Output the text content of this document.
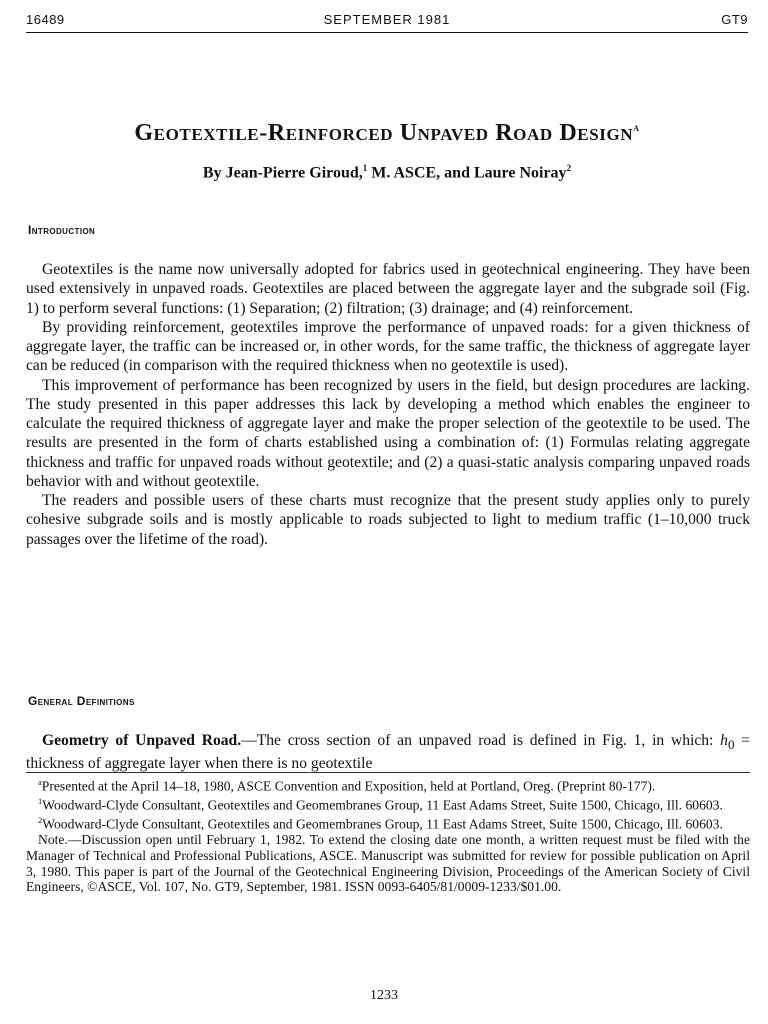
16489	SEPTEMBER 1981	GT9
Geotextile-Reinforced Unpaved Road Design$^a$
By Jean-Pierre Giroud,$^1$ M. ASCE, and Laure Noiray$^2$
Introduction

Geotextiles is the name now universally adopted for fabrics used in geotechnical engineering. They have been used extensively in unpaved roads. Geotextiles are placed between the aggregate layer and the subgrade soil (Fig. 1) to perform several functions: (1) Separation; (2) filtration; (3) drainage; and (4) reinforcement.

By providing reinforcement, geotextiles improve the performance of unpaved roads: for a given thickness of aggregate layer, the traffic can be increased or, in other words, for the same traffic, the thickness of aggregate layer can be reduced (in comparison with the required thickness when no geotextile is used).

This improvement of performance has been recognized by users in the field, but design procedures are lacking. The study presented in this paper addresses this lack by developing a method which enables the engineer to calculate the required thickness of aggregate layer and make the proper selection of the geotextile to be used. The results are presented in the form of charts established using a combination of: (1) Formulas relating aggregate thickness and traffic for unpaved roads without geotextile; and (2) a quasi-static analysis comparing unpaved roads behavior with and without geotextile.

The readers and possible users of these charts must recognize that the present study applies only to purely cohesive subgrade soils and is mostly applicable to roads subjected to light to medium traffic (1–10,000 truck passages over the lifetime of the road).

General Definitions

Geometry of Unpaved Road.—The cross section of an unpaved road is defined in Fig. 1, in which: $h_0$ = thickness of aggregate layer when there is no geotextile

$^a$Presented at the April 14–18, 1980, ASCE Convention and Exposition, held at Portland, Oreg. (Preprint 80-177).

$^1$Woodward-Clyde Consultant, Geotextiles and Geomembranes Group, 11 East Adams Street, Suite 1500, Chicago, Ill. 60603.

$^2$Woodward-Clyde Consultant, Geotextiles and Geomembranes Group, 11 East Adams Street, Suite 1500, Chicago, Ill. 60603.

Note.—Discussion open until February 1, 1982. To extend the closing date one month, a written request must be filed with the Manager of Technical and Professional Publications, ASCE. Manuscript was submitted for review for possible publication on April 3, 1980. This paper is part of the Journal of the Geotechnical Engineering Division, Proceedings of the American Society of Civil Engineers, ©ASCE, Vol. 107, No. GT9, September, 1981. ISSN 0093-6405/81/0009-1233/$01.00.

1233
